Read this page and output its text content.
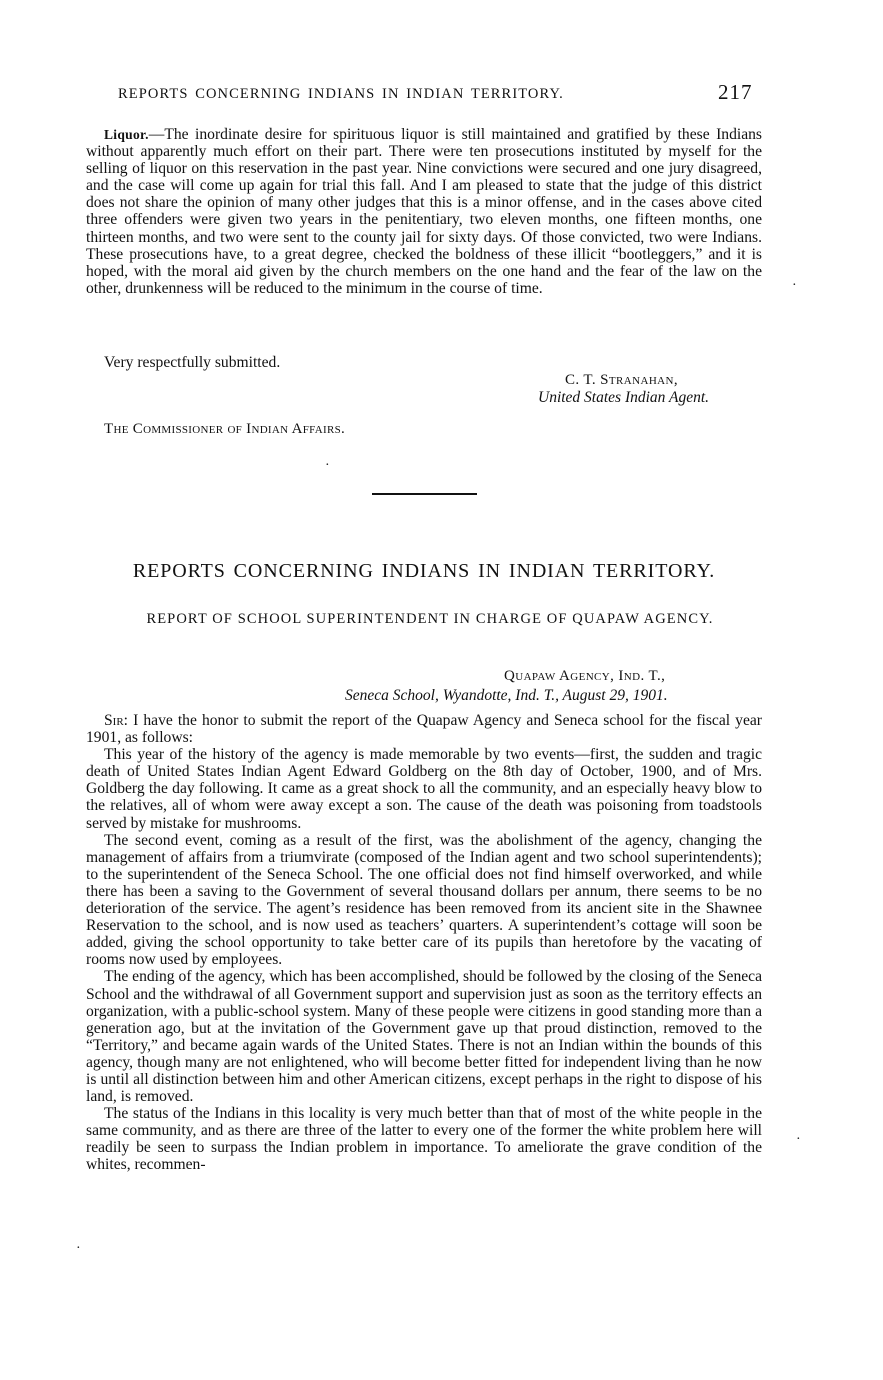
REPORTS CONCERNING INDIANS IN INDIAN TERRITORY.	217

Liquor.—The inordinate desire for spirituous liquor is still maintained and gratified by these Indians without apparently much effort on their part. There were ten prosecutions instituted by myself for the selling of liquor on this reservation in the past year. Nine convictions were secured and one jury disagreed, and the case will come up again for trial this fall. And I am pleased to state that the judge of this district does not share the opinion of many other judges that this is a minor offense, and in the cases above cited three offenders were given two years in the penitentiary, two eleven months, one fifteen months, one thirteen months, and two were sent to the county jail for sixty days. Of those convicted, two were Indians. These prosecutions have, to a great degree, checked the boldness of these illicit “bootleggers,” and it is hoped, with the moral aid given by the church members on the one hand and the fear of the law on the other, drunkenness will be reduced to the minimum in the course of time.

Very respectfully submitted.
C. T. Stranahan,
United States Indian Agent.
The Commissioner of Indian Affairs.
·
·
REPORTS CONCERNING INDIANS IN INDIAN TERRITORY.
REPORT OF SCHOOL SUPERINTENDENT IN CHARGE OF QUAPAW AGENCY.
Quapaw Agency, Ind. T.,
Seneca School, Wyandotte, Ind. T., August 29, 1901.

Sir: I have the honor to submit the report of the Quapaw Agency and Seneca school for the fiscal year 1901, as follows:

This year of the history of the agency is made memorable by two events—first, the sudden and tragic death of United States Indian Agent Edward Goldberg on the 8th day of October, 1900, and of Mrs. Goldberg the day following. It came as a great shock to all the community, and an especially heavy blow to the relatives, all of whom were away except a son. The cause of the death was poisoning from toadstools served by mistake for mushrooms.

The second event, coming as a result of the first, was the abolishment of the agency, changing the management of affairs from a triumvirate (composed of the Indian agent and two school superintendents); to the superintendent of the Seneca School. The one official does not find himself overworked, and while there has been a saving to the Government of several thousand dollars per annum, there seems to be no deterioration of the service. The agent’s residence has been removed from its ancient site in the Shawnee Reservation to the school, and is now used as teachers’ quarters. A superintendent’s cottage will soon be added, giving the school opportunity to take better care of its pupils than heretofore by the vacating of rooms now used by employees.

The ending of the agency, which has been accomplished, should be followed by the closing of the Seneca School and the withdrawal of all Government support and supervision just as soon as the territory effects an organization, with a public-school system. Many of these people were citizens in good standing more than a generation ago, but at the invitation of the Government gave up that proud distinction, removed to the “Territory,” and became again wards of the United States. There is not an Indian within the bounds of this agency, though many are not enlightened, who will become better fitted for independent living than he now is until all distinction between him and other American citizens, except perhaps in the right to dispose of his land, is removed.

The status of the Indians in this locality is very much better than that of most of the white people in the same community, and as there are three of the latter to every one of the former the white problem here will readily be seen to surpass the Indian problem in importance. To ameliorate the grave condition of the whites, recommen-

·
·
